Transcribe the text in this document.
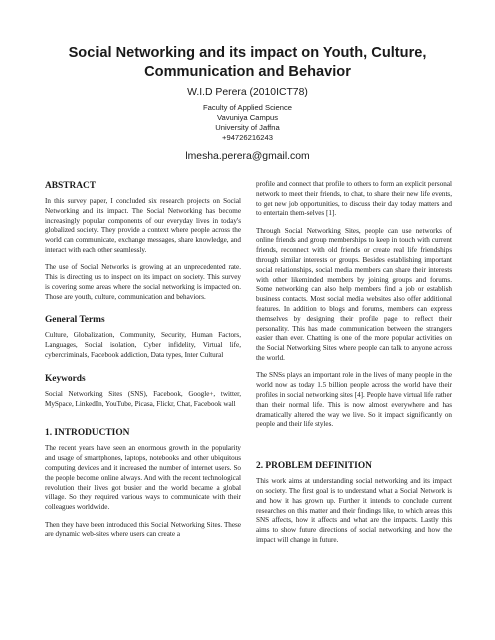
Social Networking and its impact on Youth, Culture,
Communication and Behavior
W.I.D Perera (2010ICT78)
Faculty of Applied Science
Vavuniya Campus
University of Jaffna
+94726216243
lmesha.perera@gmail.com
ABSTRACT

In this survey paper, I concluded six research projects on Social Networking and its impact. The Social Networking has become increasingly popular components of our everyday lives in today's globalized society. They provide a context where people across the world can communicate, exchange messages, share knowledge, and interact with each other seamlessly.

The use of Social Networks is growing at an unprecedented rate. This is directing us to inspect on its impact on society. This survey is covering some areas where the social networking is impacted on. Those are youth, culture, communication and behaviors.

General Terms

Culture, Globalization, Community, Security, Human Factors, Languages, Social isolation, Cyber infidelity, Virtual life, cybercriminals, Facebook addiction, Data types, Inter Cultural

Keywords

Social Networking Sites (SNS), Facebook, Google+, twitter, MySpace, LinkedIn, YouTube, Picasa, Flickr, Chat, Facebook wall

1. INTRODUCTION

The recent years have seen an enormous growth in the popularity and usage of smartphones, laptops, notebooks and other ubiquitous computing devices and it increased the number of internet users. So the people become online always. And with the recent technological revolution their lives got busier and the world became a global village. So they required various ways to communicate with their colleagues worldwide.

Then they have been introduced this Social Networking Sites. These are dynamic web-sites where users can create a

profile and connect that profile to others to form an explicit personal network to meet their friends, to chat, to share their new life events, to get new job opportunities, to discuss their day today matters and to entertain them-selves [1].

Through Social Networking Sites, people can use networks of online friends and group memberships to keep in touch with current friends, reconnect with old friends or create real life friendships through similar interests or groups. Besides establishing important social relationships, social media members can share their interests with other likeminded members by joining groups and forums. Some networking can also help members find a job or establish business contacts. Most social media websites also offer additional features. In addition to blogs and forums, members can express themselves by designing their profile page to reflect their personality. This has made communication between the strangers easier than ever. Chatting is one of the more popular activities on the Social Networking Sites where people can talk to anyone across the world.

The SNSs plays an important role in the lives of many people in the world now as today 1.5 billion people across the world have their profiles in social networking sites [4]. People have virtual life rather than their normal life. This is now almost everywhere and has dramatically altered the way we live. So it impact significantly on people and their life styles.

2. PROBLEM DEFINITION

This work aims at understanding social networking and its impact on society. The first goal is to understand what a Social Network is and how it has grown up. Further it intends to conclude current researches on this matter and their findings like, to which areas this SNS affects, how it affects and what are the impacts. Lastly this aims to show future directions of social networking and how the impact will change in future.
